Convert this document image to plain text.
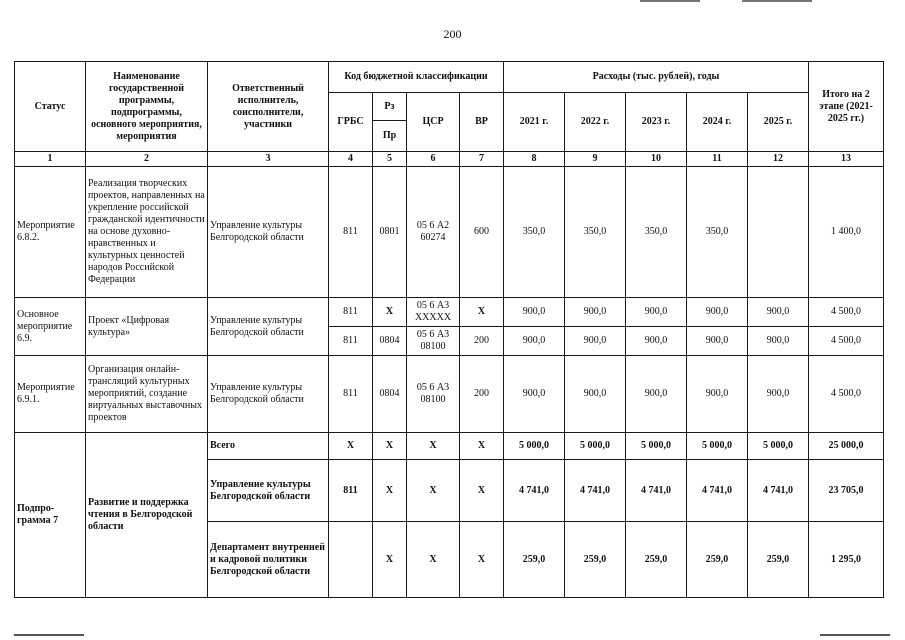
200
Статус	Наименование государственной программы, подпрограммы, основного мероприятия, мероприятия	Ответственный исполнитель, соисполнители, участники	Код бюджетной классификации				Расходы (тыс. рублей), годы					Итого на 2 этапе (2021-2025 гг.)
			ГРБС	Рз	ЦСР	ВР	2021 г.	2022 г.	2023 г.	2024 г.	2025 г.	
				Пр								
1	2	3	4	5	6	7	8	9	10	11	12	13
Мероприятие 6.8.2.	Реализация творческих проектов, направленных на укрепление российской гражданской идентичности на основе духовно-нравственных и культурных ценностей народов Российской Федерации	Управление культуры Белгородской области	811	0801	05 6 А2 60274	600	350,0	350,0	350,0	350,0		1 400,0
Основное мероприятие 6.9.	Проект «Цифровая культура»	Управление культуры Белгородской области	811	Х	05 6 А3 ХХХХХ	Х	900,0	900,0	900,0	900,0	900,0	4 500,0
			811	0804	05 6 А3 08100	200	900,0	900,0	900,0	900,0	900,0	4 500,0
Мероприятие 6.9.1.	Организация онлайн-трансляций культурных мероприятий, создание виртуальных выставочных проектов	Управление культуры Белгородской области	811	0804	05 6 А3 08100	200	900,0	900,0	900,0	900,0	900,0	4 500,0
Подпро-грамма 7	Развитие и поддержка чтения в Белгородской области	Всего	Х	Х	Х	Х	5 000,0	5 000,0	5 000,0	5 000,0	5 000,0	25 000,0
		Управление культуры Белгородской области	811	Х	Х	Х	4 741,0	4 741,0	4 741,0	4 741,0	4 741,0	23 705,0
		Департамент внутренней и кадровой политики Белгородской области		Х	Х	Х	259,0	259,0	259,0	259,0	259,0	1 295,0
